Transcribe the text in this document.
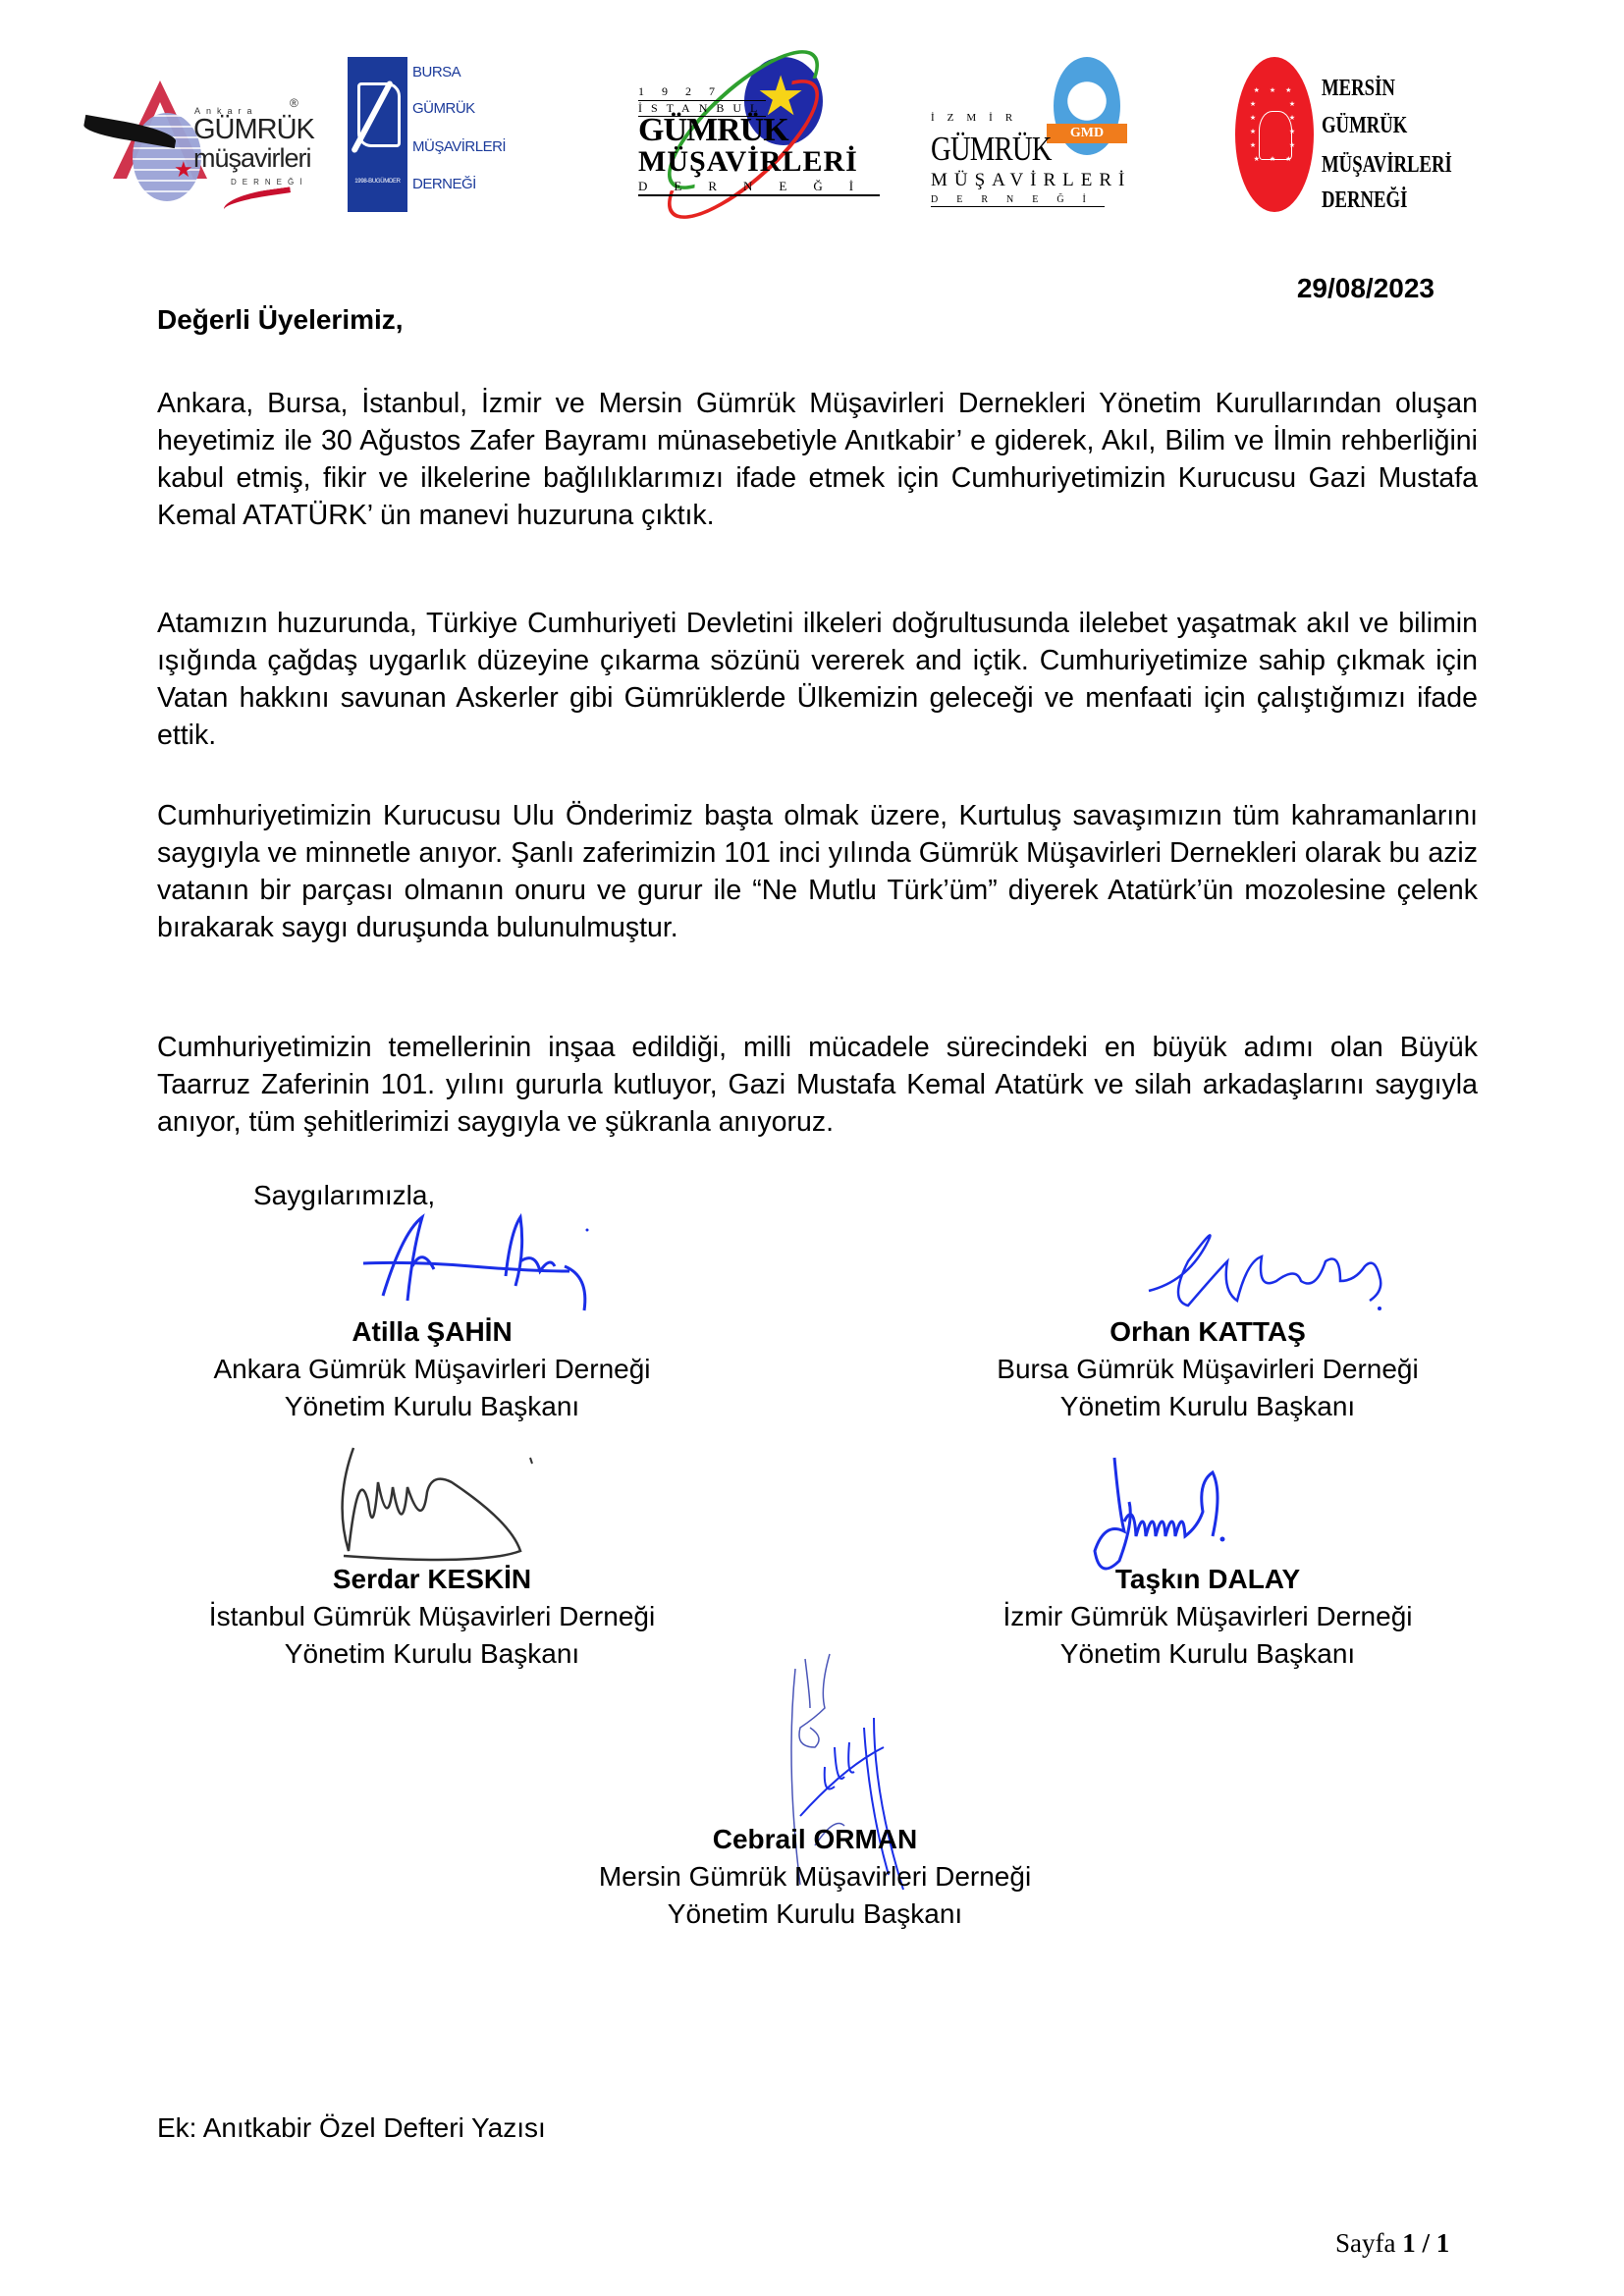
★
Ankara
®
GÜMRÜK
müşavirleri
DERNEĞİ	1998-BUGÜMDER
BURSA
GÜMRÜK
MÜŞAVİRLERİ
DERNEĞİ
★
1927
İSTANBUL
GÜMRÜK
MÜŞAVİRLERİ
DERNEĞİ
GMD
İZMİR
GÜMRÜK
MÜŞAVİRLERİ
DERNEĞİ
★ ★ ★
★     ★
★     ★
★     ★
★     ★
★ ★ ★
MERSİN
GÜMRÜK
MÜŞAVİRLERİ
DERNEĞİ
29/08/2023
Değerli Üyelerimiz,

Ankara, Bursa, İstanbul, İzmir ve Mersin Gümrük Müşavirleri Dernekleri Yönetim Kurullarından oluşan heyetimiz ile 30 Ağustos Zafer Bayramı münasebetiyle Anıtkabir’ e giderek, Akıl, Bilim ve İlmin rehberliğini kabul etmiş, fikir ve ilkelerine bağlılıklarımızı ifade etmek için Cumhuriyetimizin Kurucusu Gazi Mustafa Kemal ATATÜRK’ ün manevi huzuruna çıktık.

Atamızın huzurunda, Türkiye Cumhuriyeti Devletini ilkeleri doğrultusunda ilelebet yaşatmak akıl ve bilimin ışığında çağdaş uygarlık düzeyine çıkarma sözünü vererek and içtik. Cumhuriyetimize sahip çıkmak için Vatan hakkını savunan Askerler gibi Gümrüklerde Ülkemizin geleceği ve menfaati için çalıştığımızı ifade ettik.

Cumhuriyetimizin Kurucusu Ulu Önderimiz başta olmak üzere, Kurtuluş savaşımızın tüm kahramanlarını saygıyla ve minnetle anıyor. Şanlı zaferimizin 101 inci yılında Gümrük Müşavirleri Dernekleri olarak bu aziz vatanın bir parçası olmanın onuru ve gurur ile “Ne Mutlu Türk’üm” diyerek Atatürk’ün mozolesine çelenk bırakarak saygı duruşunda bulunulmuştur.

Cumhuriyetimizin temellerinin inşaa edildiği, milli mücadele sürecindeki en büyük adımı olan Büyük Taarruz Zaferinin 101. yılını gururla kutluyor, Gazi Mustafa Kemal Atatürk ve silah arkadaşlarını saygıyla anıyor, tüm şehitlerimizi saygıyla ve şükranla anıyoruz.

Saygılarımızla,
Atilla ŞAHİN
Ankara Gümrük Müşavirleri Derneği
Yönetim Kurulu Başkanı
Orhan KATTAŞ
Bursa Gümrük Müşavirleri Derneği
Yönetim Kurulu Başkanı
Serdar KESKİN
İstanbul Gümrük Müşavirleri Derneği
Yönetim Kurulu Başkanı
Taşkın DALAY
İzmir Gümrük Müşavirleri Derneği
Yönetim Kurulu Başkanı
Cebrail ORMAN
Mersin Gümrük Müşavirleri Derneği
Yönetim Kurulu Başkanı
Ek: Anıtkabir Özel Defteri Yazısı
Sayfa 1 / 1
